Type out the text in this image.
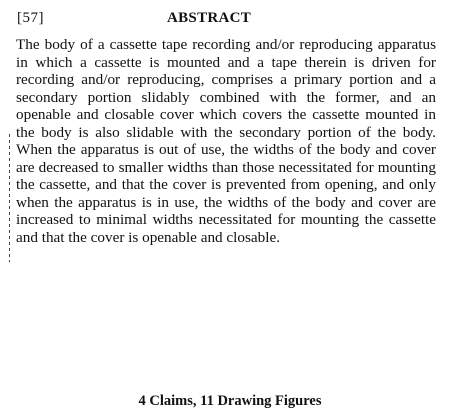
[57]	ABSTRACT

The body of a cassette tape recording and/or reproducing apparatus in which a cassette is mounted and a tape therein is driven for recording and/or reproducing, comprises a primary portion and a secondary portion slidably combined with the former, and an openable and closable cover which covers the cassette mounted in the body is also slidable with the secondary portion of the body. When the apparatus is out of use, the widths of the body and cover are decreased to smaller widths than those necessitated for mounting the cassette, and that the cover is prevented from opening, and only when the apparatus is in use, the widths of the body and cover are increased to minimal widths necessitated for mounting the cassette and that the cover is openable and closable.

4 Claims, 11 Drawing Figures
